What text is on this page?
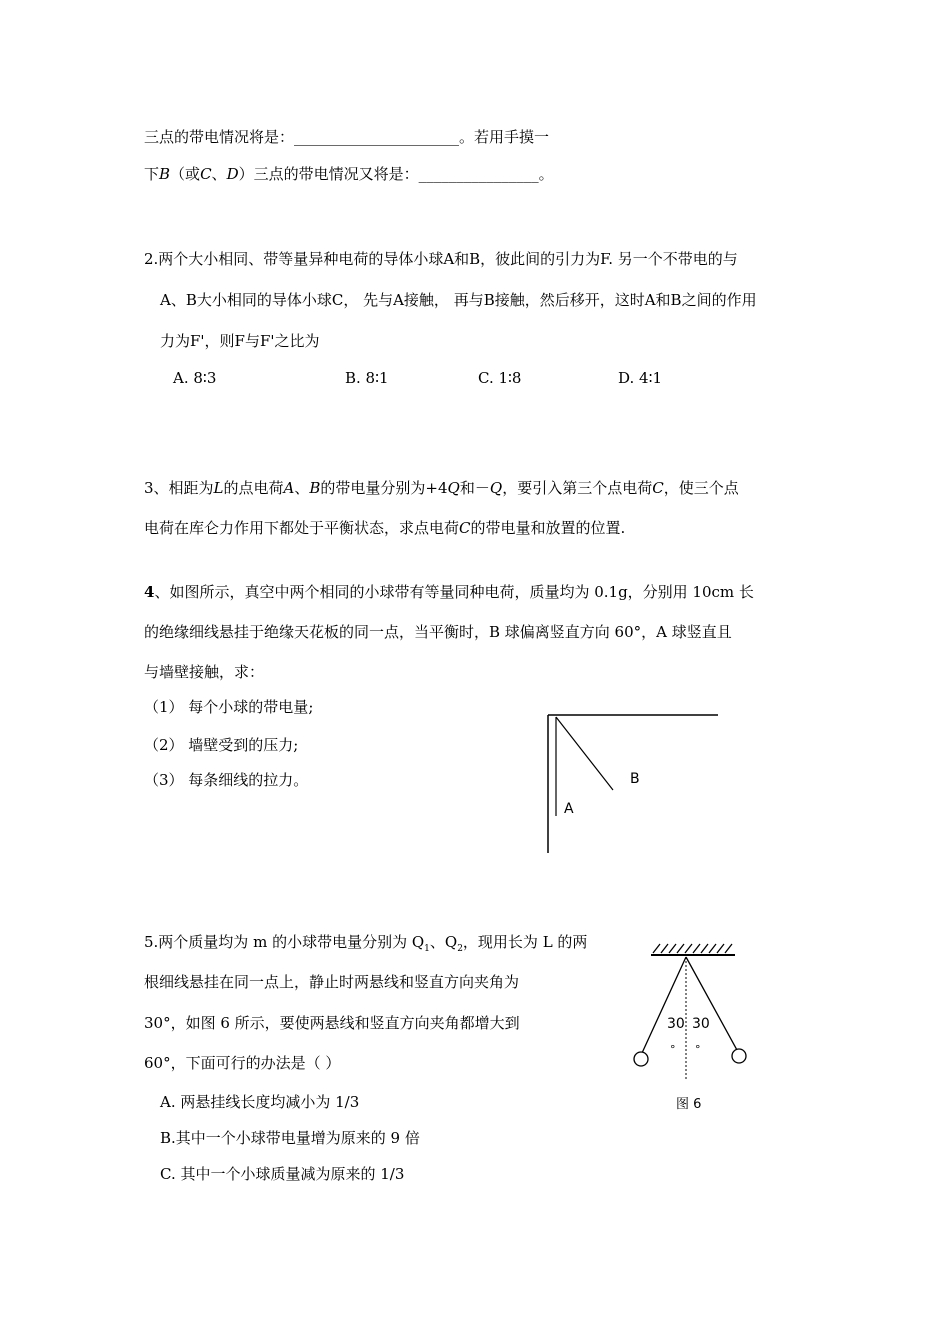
三点的带电情况将是：______________________。若用手摸一
下B（或C、D）三点的带电情况又将是：________________。
2.两个大小相同、带等量异种电荷的导体小球A和B，彼此间的引力为F. 另一个不带电的与
A、B大小相同的导体小球C， 先与A接触， 再与B接触，然后移开，这时A和B之间的作用
力为F'，则F与F'之比为
A. 8∶3	B. 8∶1	C. 1∶8	D. 4∶1
3、相距为L的点电荷A、B的带电量分别为+4Q和－Q，要引入第三个点电荷C，使三个点
电荷在库仑力作用下都处于平衡状态，求点电荷C的带电量和放置的位置.
4、如图所示，真空中两个相同的小球带有等量同种电荷，质量均为 0.1g，分别用 10cm 长
的绝缘细线悬挂于绝缘天花板的同一点，当平衡时，B 球偏离竖直方向 60°，A 球竖直且
与墙壁接触，求：
（1） 每个小球的带电量;
（2） 墙壁受到的压力;
（3） 每条细线的拉力。	B
A
5.两个质量均为 m 的小球带电量分别为 $Q_1$、$Q_2$，现用长为 L 的两
根细线悬挂在同一点上，静止时两悬线和竖直方向夹角为
30°，如图 6 所示，要使两悬线和竖直方向夹角都增大到
60°，下面可行的办法是（ ）
A. 两悬挂线长度均减小为 1/3
B.其中一个小球带电量增为原来的 9 倍
C. 其中一个小球质量减为原来的 1/3
30 30
° °
图 6
